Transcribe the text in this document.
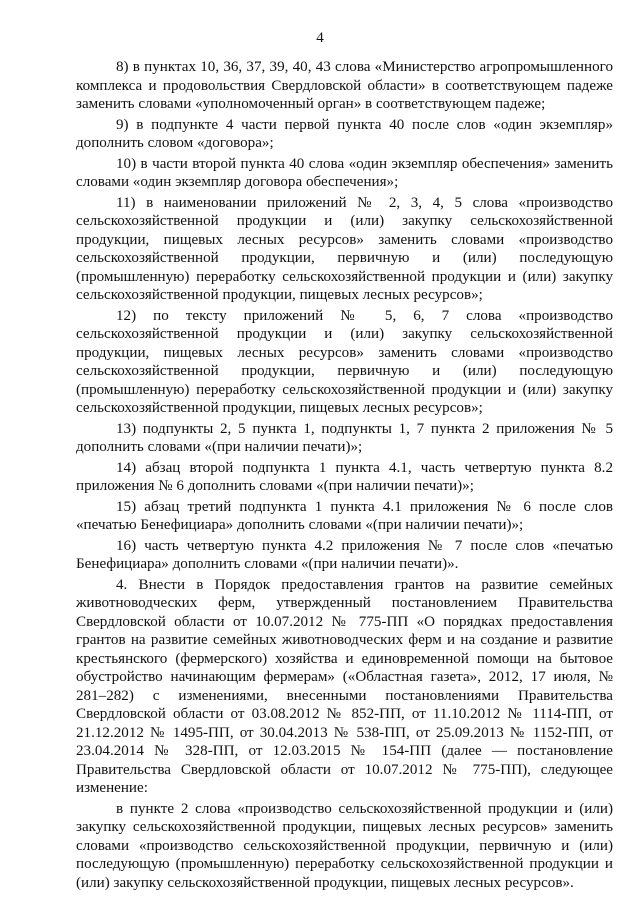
4

8) в пунктах 10, 36, 37, 39, 40, 43 слова «Министерство агропромышленного комплекса и продовольствия Свердловской области» в соответствующем падеже заменить словами «уполномоченный орган» в соответствующем падеже;

9) в подпункте 4 части первой пункта 40 после слов «один экземпляр» дополнить словом «договора»;

10) в части второй пункта 40 слова «один экземпляр обеспечения» заменить словами «один экземпляр договора обеспечения»;

11) в наименовании приложений № 2, 3, 4, 5 слова «производство сельскохозяйственной продукции и (или) закупку сельскохозяйственной продукции, пищевых лесных ресурсов» заменить словами «производство сельскохозяйственной продукции, первичную и (или) последующую (промышленную) переработку сельскохозяйственной продукции и (или) закупку сельскохозяйственной продукции, пищевых лесных ресурсов»;

12) по тексту приложений № 5, 6, 7 слова «производство сельскохозяйственной продукции и (или) закупку сельскохозяйственной продукции, пищевых лесных ресурсов» заменить словами «производство сельскохозяйственной продукции, первичную и (или) последующую (промышленную) переработку сельскохозяйственной продукции и (или) закупку сельскохозяйственной продукции, пищевых лесных ресурсов»;

13) подпункты 2, 5 пункта 1, подпункты 1, 7 пункта 2 приложения № 5 дополнить словами «(при наличии печати)»;

14) абзац второй подпункта 1 пункта 4.1, часть четвертую пункта 8.2 приложения № 6 дополнить словами «(при наличии печати)»;

15) абзац третий подпункта 1 пункта 4.1 приложения № 6 после слов «печатью Бенефициара» дополнить словами «(при наличии печати)»;

16) часть четвертую пункта 4.2 приложения № 7 после слов «печатью Бенефициара» дополнить словами «(при наличии печати)».

4. Внести в Порядок предоставления грантов на развитие семейных животноводческих ферм, утвержденный постановлением Правительства Свердловской области от 10.07.2012 № 775-ПП «О порядках предоставления грантов на развитие семейных животноводческих ферм и на создание и развитие крестьянского (фермерского) хозяйства и единовременной помощи на бытовое обустройство начинающим фермерам» («Областная газета», 2012, 17 июля, № 281–282) с изменениями, внесенными постановлениями Правительства Свердловской области от 03.08.2012 № 852-ПП, от 11.10.2012 № 1114-ПП, от 21.12.2012 № 1495-ПП, от 30.04.2013 № 538-ПП, от 25.09.2013 № 1152-ПП, от 23.04.2014 № 328-ПП, от 12.03.2015 № 154-ПП (далее — постановление Правительства Свердловской области от 10.07.2012 № 775-ПП), следующее изменение:

в пункте 2 слова «производство сельскохозяйственной продукции и (или) закупку сельскохозяйственной продукции, пищевых лесных ресурсов» заменить словами «производство сельскохозяйственной продукции, первичную и (или) последующую (промышленную) переработку сельскохозяйственной продукции и (или) закупку сельскохозяйственной продукции, пищевых лесных ресурсов».
